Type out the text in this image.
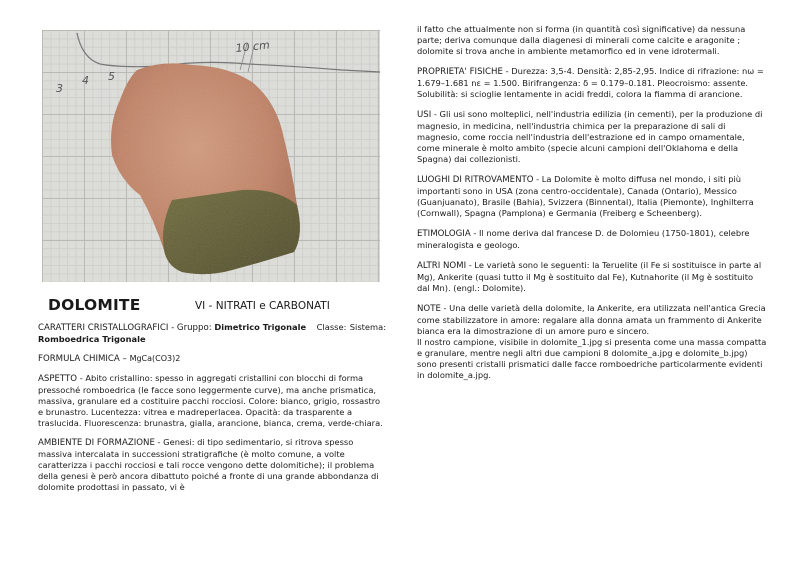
3
4 5
10 cm
DOLOMITE	VI - NITRATI e CARBONATI
Sistema:
CARATTERI CRISTALLOGRAFICI - Gruppo: Dimetrico Trigonale Classe: Romboedrica Trigonale
FORMULA CHIMICA – MgCa(CO3)2
ASPETTO - Abito cristallino: spesso in aggregati cristallini con blocchi di forma pressoché romboedrica (le facce sono leggermente curve), ma anche prismatica, massiva, granulare ed a costituire pacchi rocciosi. Colore: bianco, grigio, rossastro e brunastro. Lucentezza: vitrea e madreperlacea. Opacità: da trasparente a traslucida. Fluorescenza: brunastra, gialla, arancione, bianca, crema, verde-chiara.
AMBIENTE DI FORMAZIONE - Genesi: di tipo sedimentario, si ritrova spesso massiva intercalata in successioni stratigrafiche (è molto comune, a volte caratterizza i pacchi rocciosi e tali rocce vengono dette dolomitiche); il problema della genesi è però ancora dibattuto poiché a fronte di una grande abbondanza di dolomite prodottasi in passato, vi è
il fatto che attualmente non si forma (in quantità così significative) da nessuna parte; deriva comunque dalla diagenesi di minerali come calcite e aragonite ; dolomite si trova anche in ambiente metamorfico ed in vene idrotermali.
PROPRIETA' FISICHE - Durezza: 3,5-4. Densità: 2,85-2,95. Indice di rifrazione: nω = 1.679–1.681 nε = 1.500. Birifrangenza: δ = 0.179–0.181. Pleocroismo: assente. Solubilità: si scioglie lentamente in acidi freddi, colora la fiamma di arancione.
USI - Gli usi sono molteplici, nell'industria edilizia (in cementi), per la produzione di magnesio, in medicina, nell'industria chimica per la preparazione di sali di magnesio, come roccia nell'industria dell'estrazione ed in campo ornamentale, come minerale è molto ambito (specie alcuni campioni dell'Oklahoma e della Spagna) dai collezionisti.
LUOGHI DI RITROVAMENTO - La Dolomite è molto diffusa nel mondo, i siti più importanti sono in USA (zona centro-occidentale), Canada (Ontario), Messico (Guanjuanato), Brasile (Bahia), Svizzera (Binnental), Italia (Piemonte), Inghilterra (Cornwall), Spagna (Pamplona) e Germania (Freiberg e Scheenberg).
ETIMOLOGIA - Il nome deriva dal francese D. de Dolomieu (1750-1801), celebre mineralogista e geologo.
ALTRI NOMI - Le varietà sono le seguenti: la Teruelite (il Fe si sostituisce in parte al Mg), Ankerite (quasi tutto il Mg è sostituito dal Fe), Kutnahorite (il Mg è sostituito dal Mn). (engl.: Dolomite).
NOTE - Una delle varietà della dolomite, la Ankerite, era utilizzata nell'antica Grecia come stabilizzatore in amore: regalare alla donna amata un frammento di Ankerite bianca era la dimostrazione di un amore puro e sincero.
Il nostro campione, visibile in dolomite_1.jpg si presenta come una massa compatta e granulare, mentre negli altri due campioni 8 dolomite_a.jpg e dolomite_b.jpg) sono presenti cristalli prismatici dalle facce romboedriche particolarmente evidenti in dolomite_a.jpg.
